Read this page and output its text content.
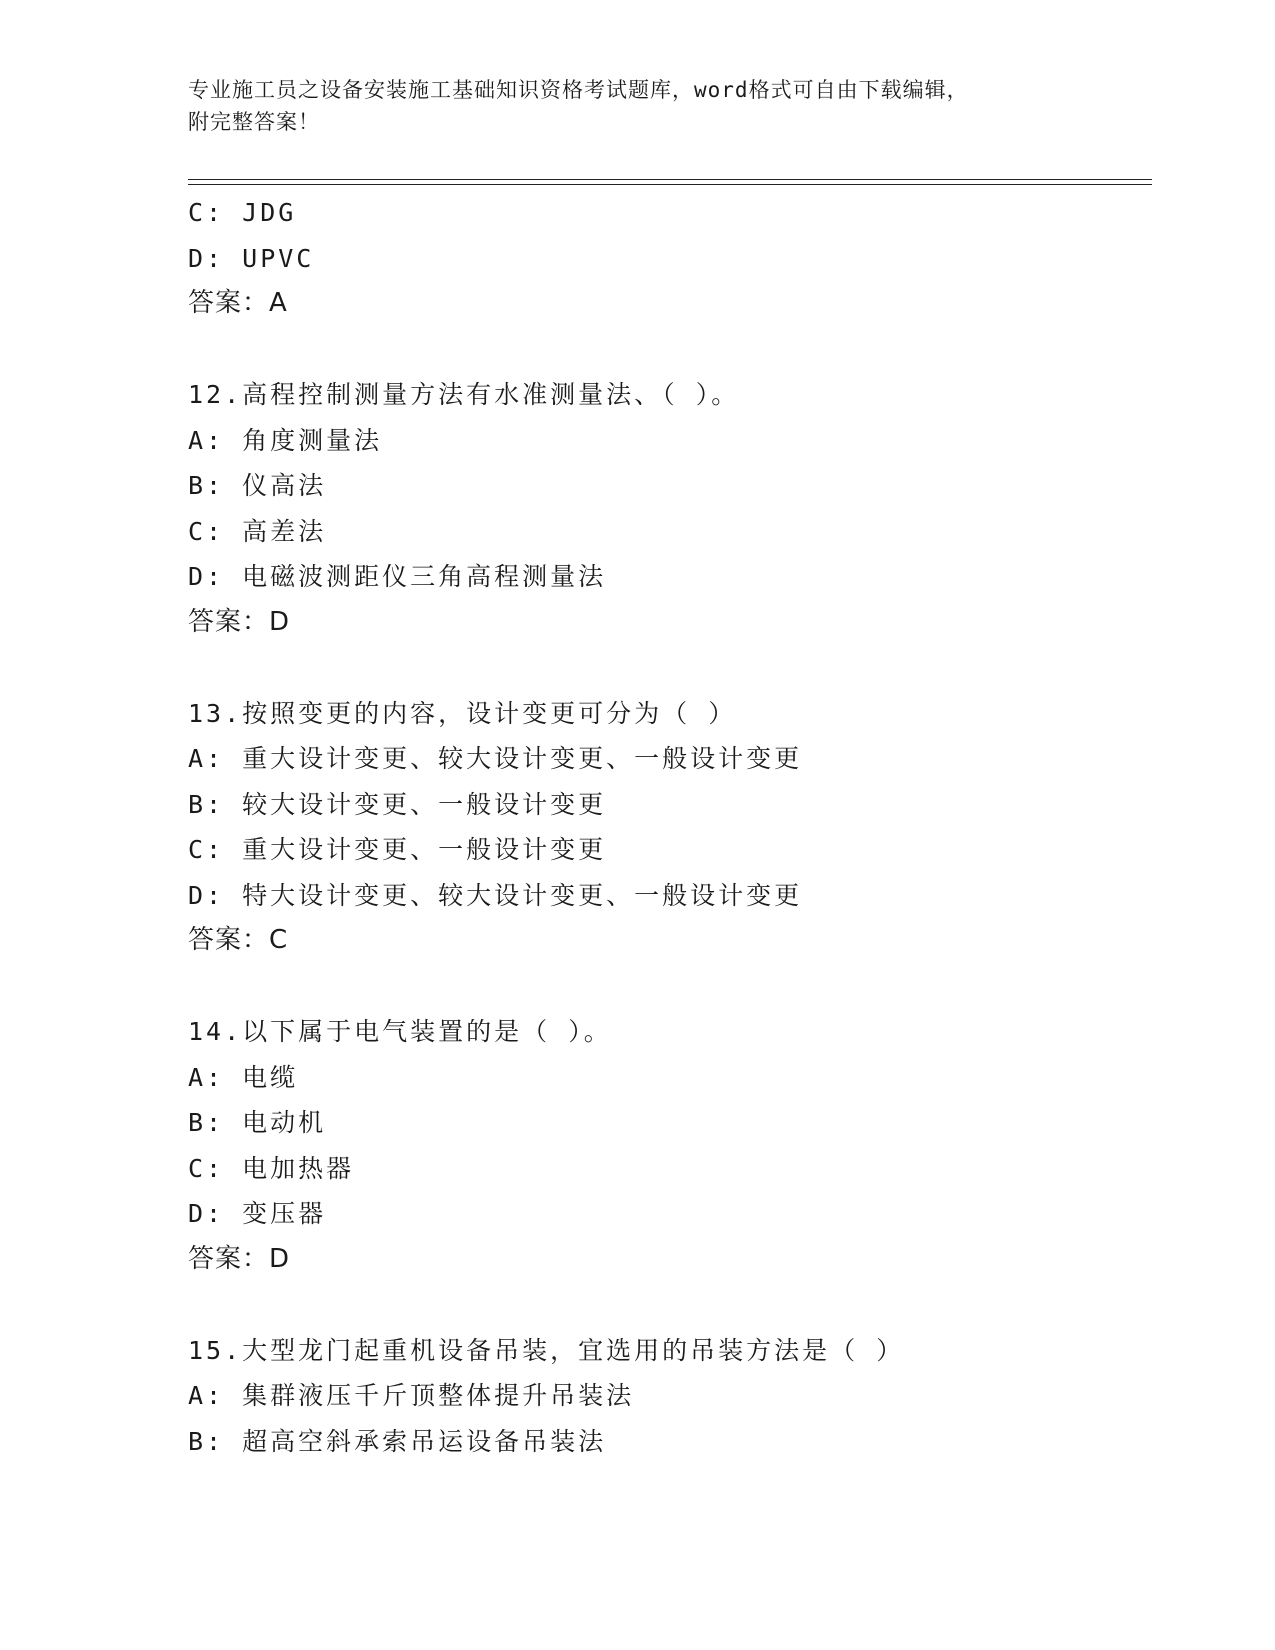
专业施工员之设备安装施工基础知识资格考试题库，word格式可自由下载编辑，
附完整答案！
C: JDG
D: UPVC
答案：A
12.高程控制测量方法有水准测量法、（ ）。
A: 角度测量法
B: 仪高法
C: 高差法
D: 电磁波测距仪三角高程测量法
答案：D
13.按照变更的内容，设计变更可分为（ ）
A: 重大设计变更、较大设计变更、一般设计变更
B: 较大设计变更、一般设计变更
C: 重大设计变更、一般设计变更
D: 特大设计变更、较大设计变更、一般设计变更
答案：C
14.以下属于电气装置的是（ ）。
A: 电缆
B: 电动机
C: 电加热器
D: 变压器
答案：D
15.大型龙门起重机设备吊装，宜选用的吊装方法是（ ）
A: 集群液压千斤顶整体提升吊装法
B: 超高空斜承索吊运设备吊装法
